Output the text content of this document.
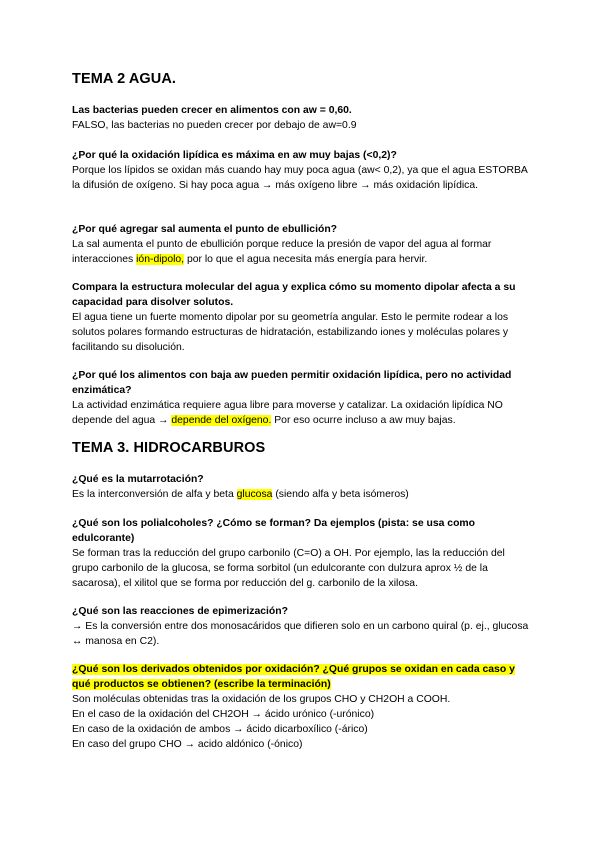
TEMA 2 AGUA.
Las bacterias pueden crecer en alimentos con aw = 0,60.
FALSO, las bacterias no pueden crecer por debajo de aw=0.9
¿Por qué la oxidación lipídica es máxima en aw muy bajas (<0,2)?
Porque los lípidos se oxidan más cuando hay muy poca agua (aw< 0,2), ya que el agua ESTORBA la difusión de oxígeno. Si hay poca agua → más oxígeno libre → más oxidación lipídica.
¿Por qué agregar sal aumenta el punto de ebullición?
La sal aumenta el punto de ebullición porque reduce la presión de vapor del agua al formar interacciones ión-dipolo, por lo que el agua necesita más energía para hervir.
Compara la estructura molecular del agua y explica cómo su momento dipolar afecta a su capacidad para disolver solutos.
El agua tiene un fuerte momento dipolar por su geometría angular. Esto le permite rodear a los solutos polares formando estructuras de hidratación, estabilizando iones y moléculas polares y facilitando su disolución.
¿Por qué los alimentos con baja aw pueden permitir oxidación lipídica, pero no actividad enzimática?
La actividad enzimática requiere agua libre para moverse y catalizar. La oxidación lipídica NO depende del agua → depende del oxígeno. Por eso ocurre incluso a aw muy bajas.
TEMA 3. HIDROCARBUROS
¿Qué es la mutarrotación?
Es la interconversión de alfa y beta glucosa (siendo alfa y beta isómeros)
¿Qué son los polialcoholes? ¿Cómo se forman? Da ejemplos (pista: se usa como edulcorante)
Se forman tras la reducción del grupo carbonilo (C=O) a OH. Por ejemplo, las la reducción del grupo carbonilo de la glucosa, se forma sorbitol (un edulcorante con dulzura aprox ½ de la sacarosa), el xilitol que se forma por reducción del g. carbonilo de la xilosa.
¿Qué son las reacciones de epimerización?
→ Es la conversión entre dos monosacáridos que difieren solo en un carbono quiral (p. ej., glucosa ↔ manosa en C2).
¿Qué son los derivados obtenidos por oxidación? ¿Qué grupos se oxidan en cada caso y qué productos se obtienen? (escribe la terminación)
Son moléculas obtenidas tras la oxidación de los grupos CHO y CH2OH a COOH.
En el caso de la oxidación del CH2OH → ácido urónico (-urónico)
En caso de la oxidación de ambos → ácido dicarboxílico (-árico)
En caso del grupo CHO → acido aldónico (-ónico)
